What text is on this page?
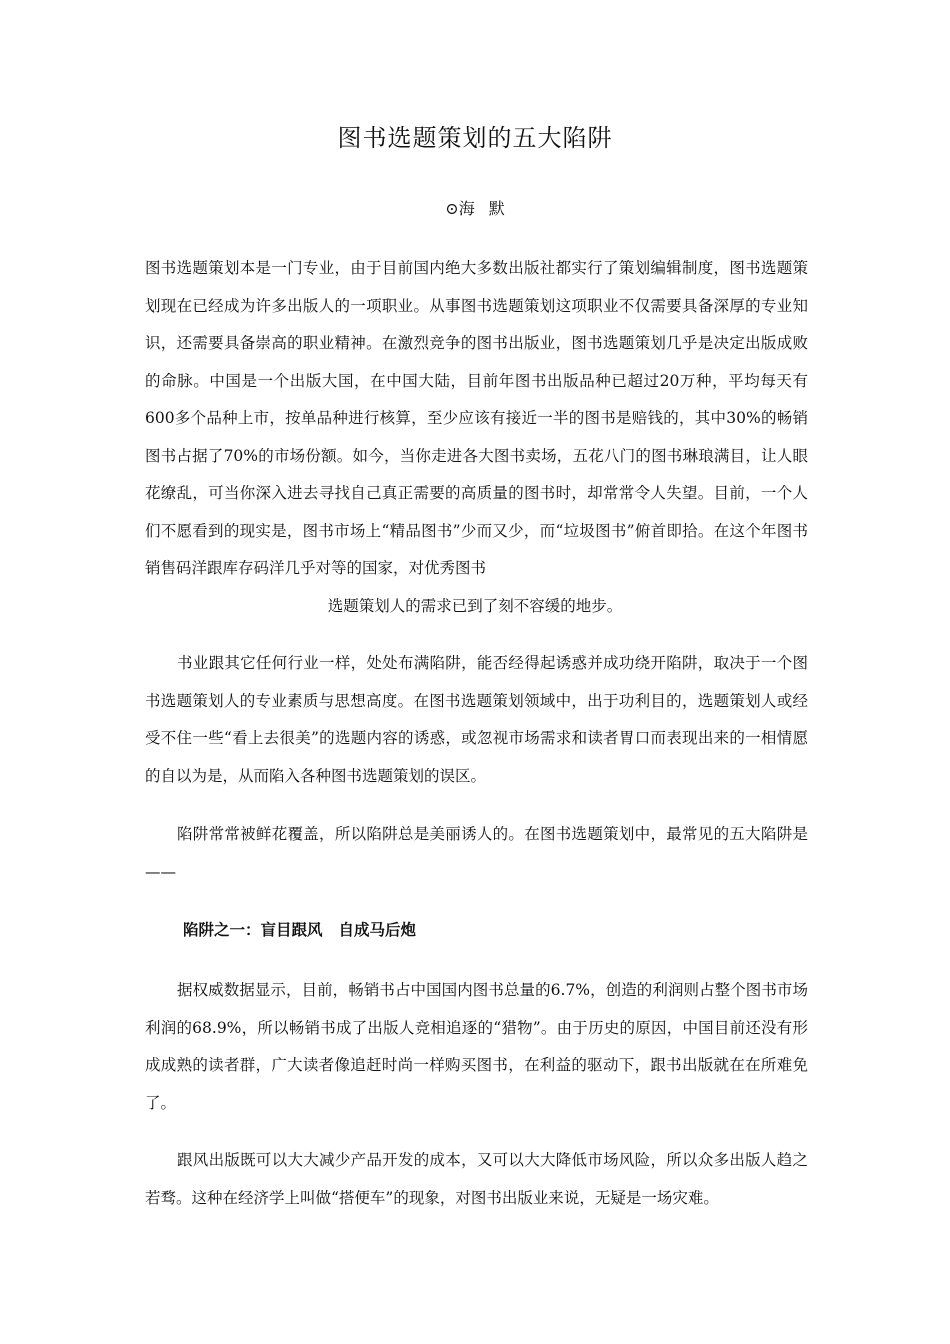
图书选题策划的五大陷阱

⊙海 默

图书选题策划本是一门专业，由于目前国内绝大多数出版社都实行了策划编辑制度，图书选题策划现在已经成为许多出版人的一项职业。从事图书选题策划这项职业不仅需要具备深厚的专业知识，还需要具备崇高的职业精神。在激烈竞争的图书出版业，图书选题策划几乎是决定出版成败的命脉。中国是一个出版大国，在中国大陆，目前年图书出版品种已超过20万种，平均每天有600多个品种上市，按单品种进行核算，至少应该有接近一半的图书是赔钱的，其中30%的畅销图书占据了70%的市场份额。如今，当你走进各大图书卖场，五花八门的图书琳琅满目，让人眼花缭乱，可当你深入进去寻找自己真正需要的高质量的图书时，却常常令人失望。目前，一个人们不愿看到的现实是，图书市场上“精品图书”少而又少，而“垃圾图书”俯首即拾。在这个年图书销售码洋跟库存码洋几乎对等的国家，对优秀图书

选题策划人的需求已到了刻不容缓的地步。

书业跟其它任何行业一样，处处布满陷阱，能否经得起诱惑并成功绕开陷阱，取决于一个图书选题策划人的专业素质与思想高度。在图书选题策划领域中，出于功利目的，选题策划人或经受不住一些“看上去很美”的选题内容的诱惑，或忽视市场需求和读者胃口而表现出来的一相情愿的自以为是，从而陷入各种图书选题策划的误区。

陷阱常常被鲜花覆盖，所以陷阱总是美丽诱人的。在图书选题策划中，最常见的五大陷阱是——

陷阱之一：盲目跟风 自成马后炮

据权威数据显示，目前，畅销书占中国国内图书总量的6.7%，创造的利润则占整个图书市场利润的68.9%，所以畅销书成了出版人竞相追逐的“猎物”。由于历史的原因，中国目前还没有形成成熟的读者群，广大读者像追赶时尚一样购买图书，在利益的驱动下，跟书出版就在在所难免了。

跟风出版既可以大大减少产品开发的成本，又可以大大降低市场风险，所以众多出版人趋之若骛。这种在经济学上叫做“搭便车”的现象，对图书出版业来说，无疑是一场灾难。
